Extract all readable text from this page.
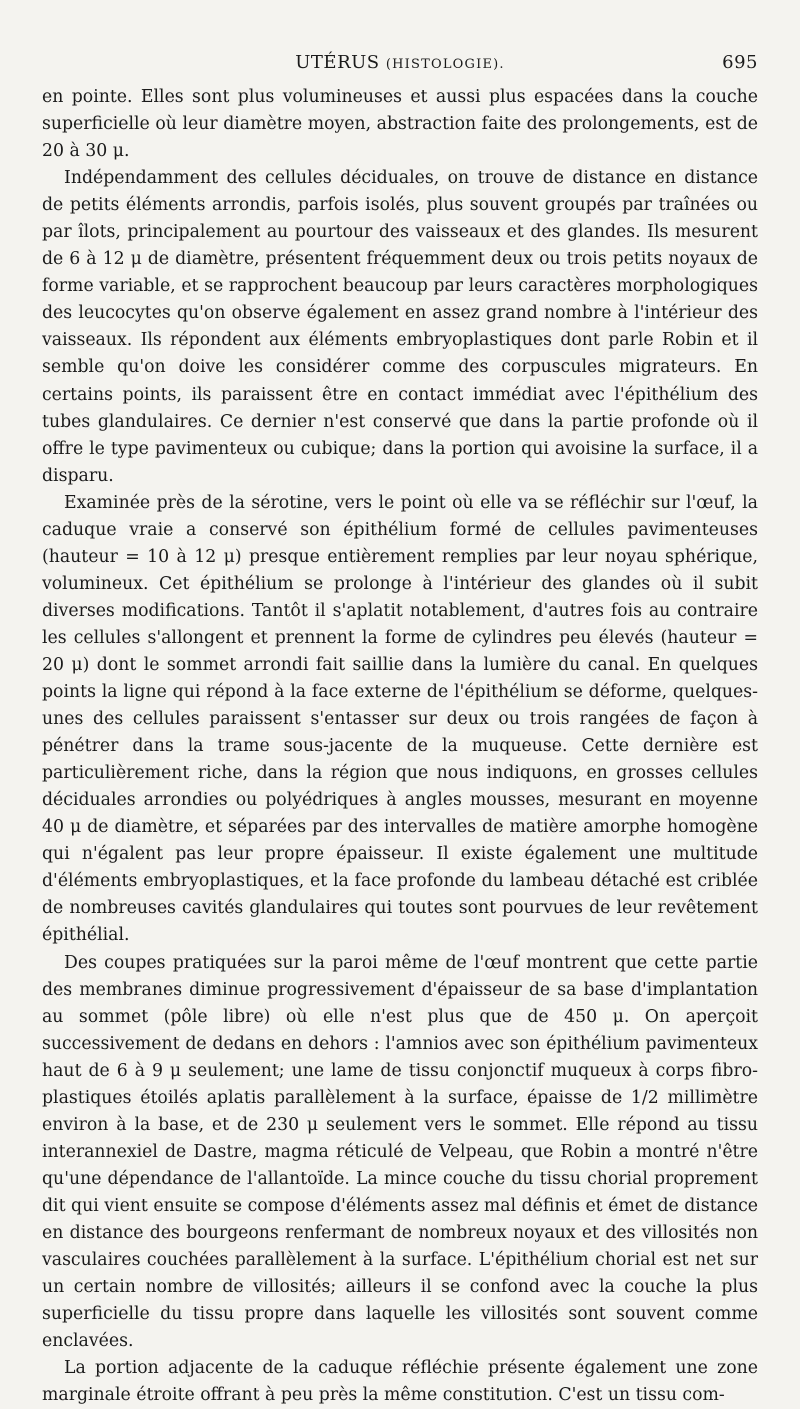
UTÉRUS (HISTOLOGIE).	695

en pointe. Elles sont plus volumineuses et aussi plus espacées dans la couche superficielle où leur diamètre moyen, abstraction faite des prolongements, est de 20 à 30 μ.

Indépendamment des cellules déciduales, on trouve de distance en distance de petits éléments arrondis, parfois isolés, plus souvent groupés par traînées ou par îlots, principalement au pourtour des vaisseaux et des glandes. Ils mesurent de 6 à 12 μ de diamètre, présentent fréquemment deux ou trois petits noyaux de forme variable, et se rapprochent beaucoup par leurs caractères morphologiques des leucocytes qu'on observe également en assez grand nombre à l'intérieur des vaisseaux. Ils répondent aux éléments embryoplastiques dont parle Robin et il semble qu'on doive les considérer comme des corpuscules migrateurs. En certains points, ils paraissent être en contact immédiat avec l'épithélium des tubes glandulaires. Ce dernier n'est conservé que dans la partie profonde où il offre le type pavimenteux ou cubique; dans la portion qui avoisine la surface, il a disparu.

Examinée près de la sérotine, vers le point où elle va se réfléchir sur l'œuf, la caduque vraie a conservé son épithélium formé de cellules pavimenteuses (hauteur = 10 à 12 μ) presque entièrement remplies par leur noyau sphérique, volumineux. Cet épithélium se prolonge à l'intérieur des glandes où il subit diverses modifications. Tantôt il s'aplatit notablement, d'autres fois au contraire les cellules s'allongent et prennent la forme de cylindres peu élevés (hauteur = 20 μ) dont le sommet arrondi fait saillie dans la lumière du canal. En quelques points la ligne qui répond à la face externe de l'épithélium se déforme, quelques-unes des cellules paraissent s'entasser sur deux ou trois rangées de façon à pénétrer dans la trame sous-jacente de la muqueuse. Cette dernière est particulièrement riche, dans la région que nous indiquons, en grosses cellules déciduales arrondies ou polyédriques à angles mousses, mesurant en moyenne 40 μ de diamètre, et séparées par des intervalles de matière amorphe homogène qui n'égalent pas leur propre épaisseur. Il existe également une multitude d'éléments embryoplastiques, et la face profonde du lambeau détaché est criblée de nombreuses cavités glandulaires qui toutes sont pourvues de leur revêtement épithélial.

Des coupes pratiquées sur la paroi même de l'œuf montrent que cette partie des membranes diminue progressivement d'épaisseur de sa base d'implantation au sommet (pôle libre) où elle n'est plus que de 450 μ. On aperçoit successivement de dedans en dehors : l'amnios avec son épithélium pavimenteux haut de 6 à 9 μ seulement; une lame de tissu conjonctif muqueux à corps fibro-plastiques étoilés aplatis parallèlement à la surface, épaisse de 1/2 millimètre environ à la base, et de 230 μ seulement vers le sommet. Elle répond au tissu interannexiel de Dastre, magma réticulé de Velpeau, que Robin a montré n'être qu'une dépendance de l'allantoïde. La mince couche du tissu chorial proprement dit qui vient ensuite se compose d'éléments assez mal définis et émet de distance en distance des bourgeons renfermant de nombreux noyaux et des villosités non vasculaires couchées parallèlement à la surface. L'épithélium chorial est net sur un certain nombre de villosités; ailleurs il se confond avec la couche la plus superficielle du tissu propre dans laquelle les villosités sont souvent comme enclavées.

La portion adjacente de la caduque réfléchie présente également une zone marginale étroite offrant à peu près la même constitution. C'est un tissu com-
